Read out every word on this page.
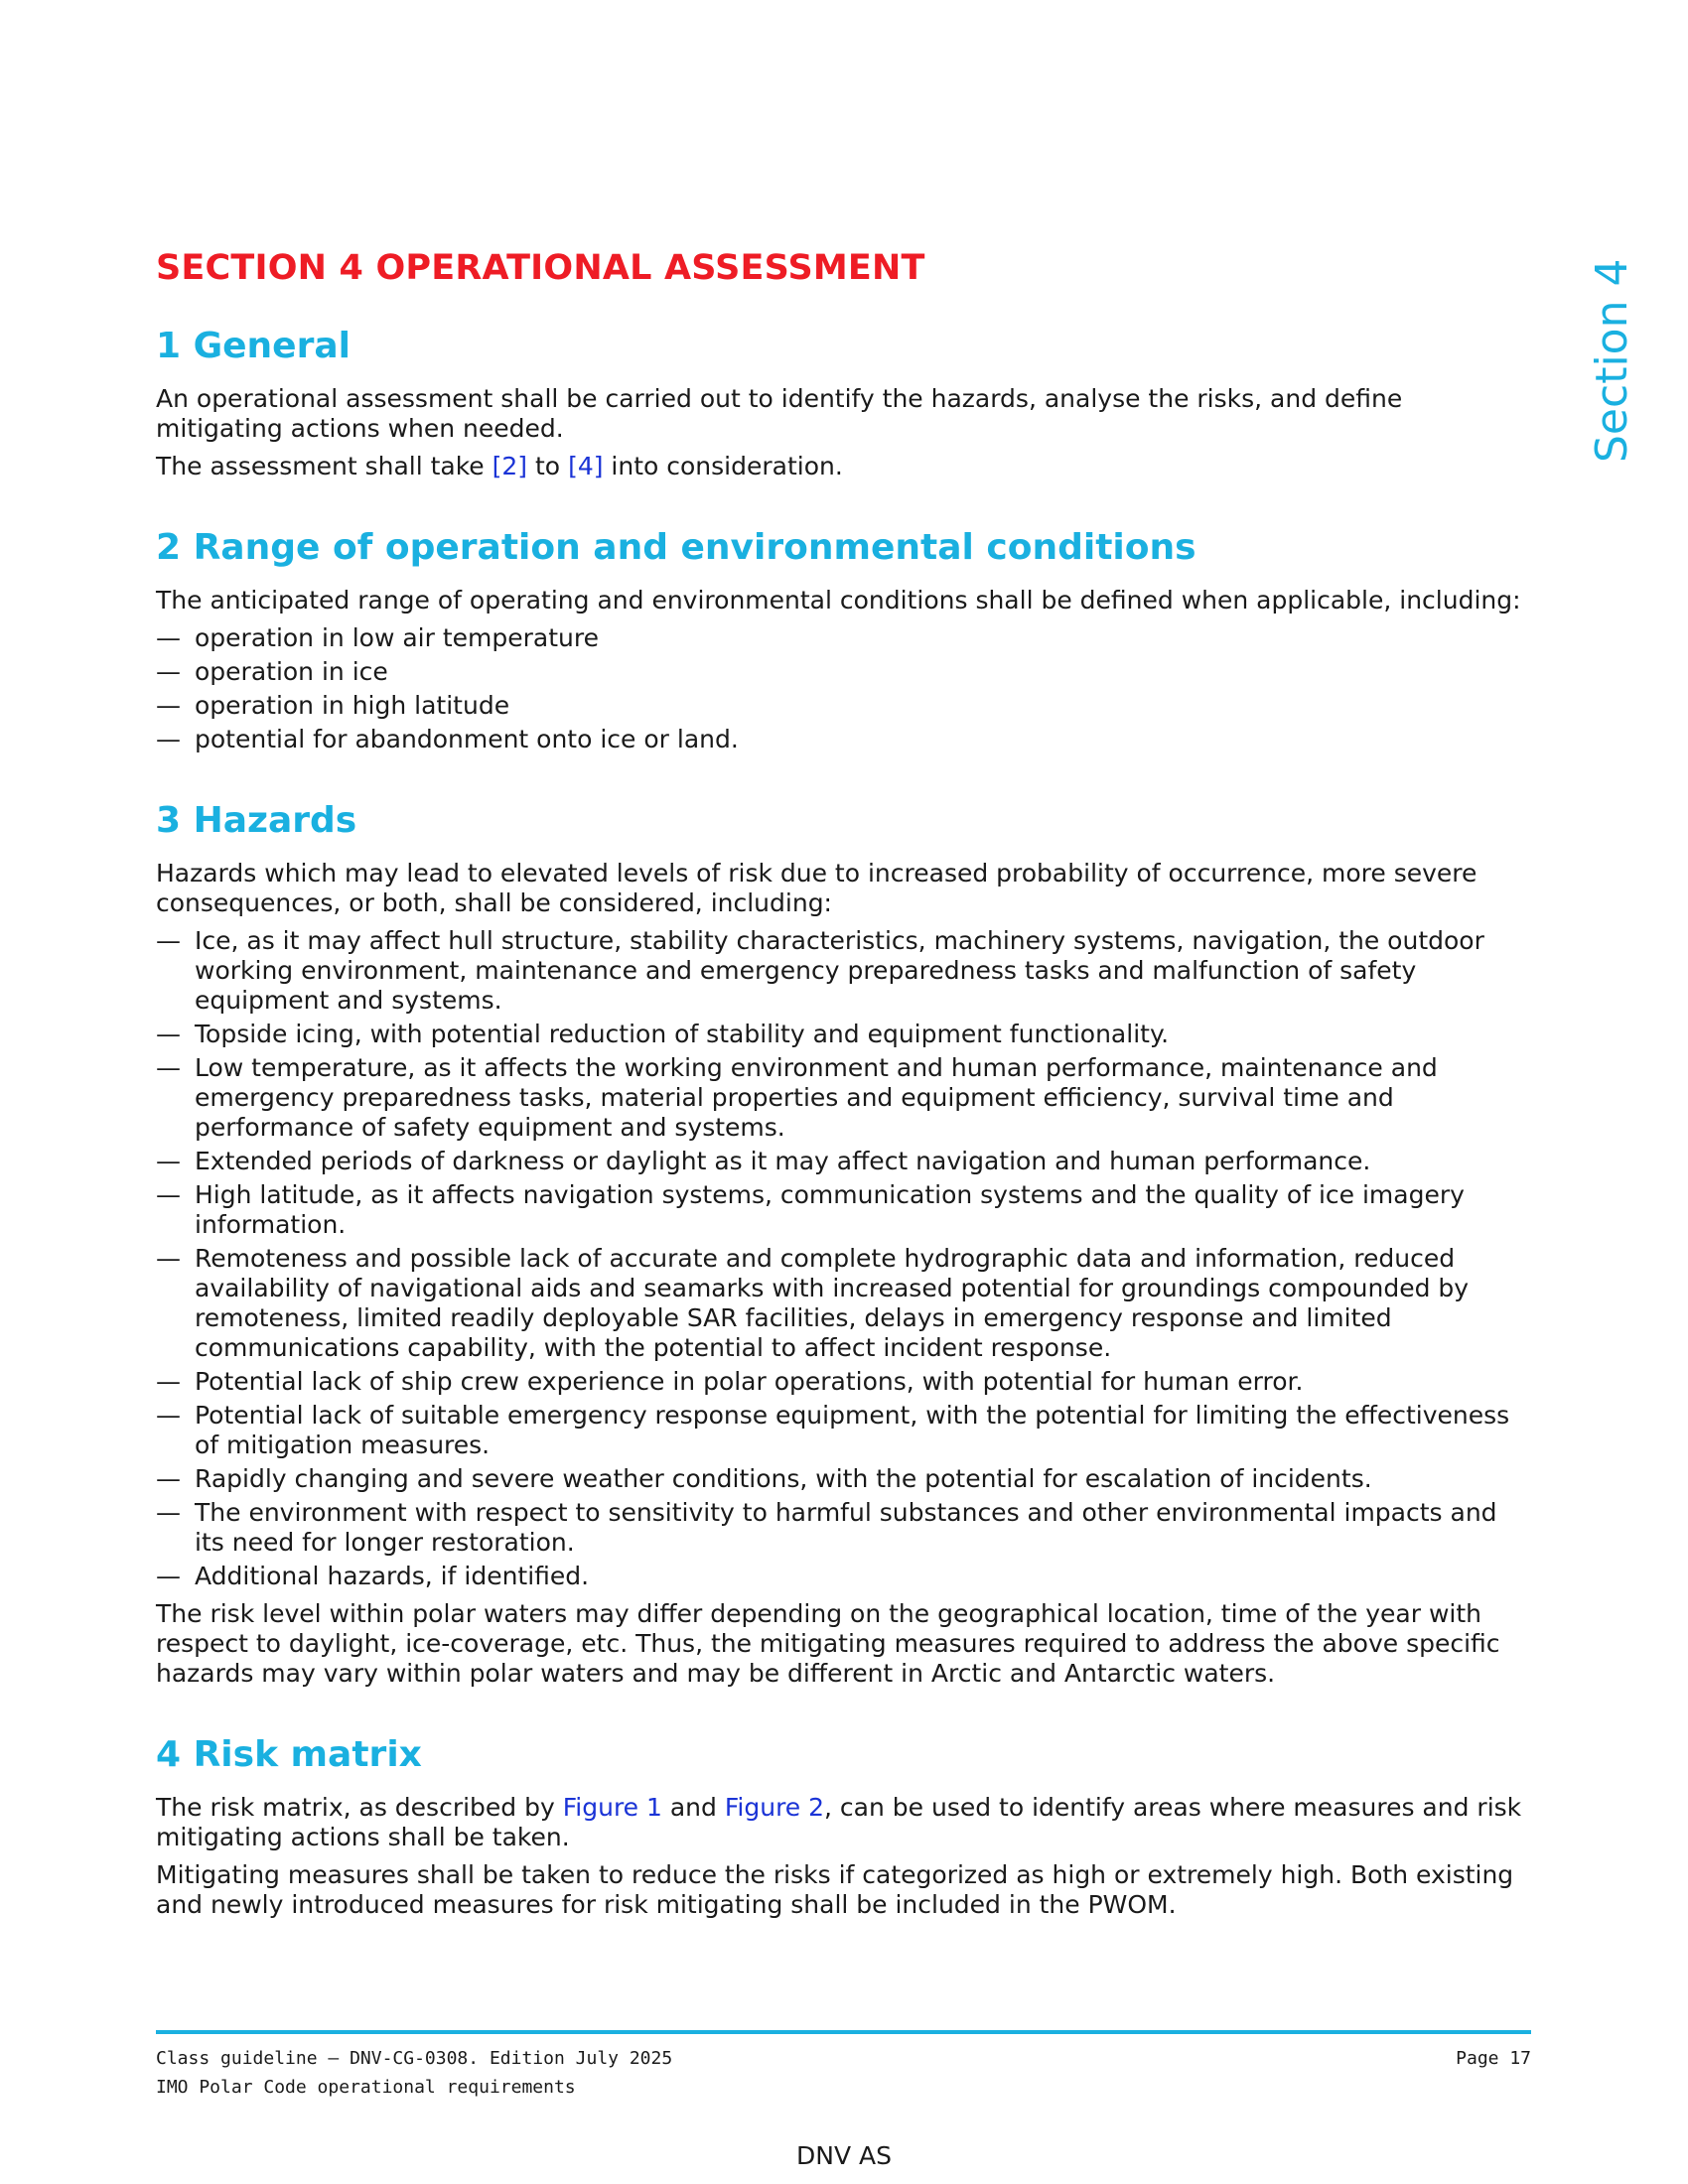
Section 4
SECTION 4 OPERATIONAL ASSESSMENT
1 General

An operational assessment shall be carried out to identify the hazards, analyse the risks, and define mitigating actions when needed.

The assessment shall take [2] to [4] into consideration.

2 Range of operation and environmental conditions

The anticipated range of operating and environmental conditions shall be defined when applicable, including:

— operation in low air temperature
— operation in ice
— operation in high latitude
— potential for abandonment onto ice or land.
3 Hazards

Hazards which may lead to elevated levels of risk due to increased probability of occurrence, more severe consequences, or both, shall be considered, including:

— Ice, as it may affect hull structure, stability characteristics, machinery systems, navigation, the outdoor working environment, maintenance and emergency preparedness tasks and malfunction of safety equipment and systems.
— Topside icing, with potential reduction of stability and equipment functionality.
— Low temperature, as it affects the working environment and human performance, maintenance and emergency preparedness tasks, material properties and equipment efficiency, survival time and performance of safety equipment and systems.
— Extended periods of darkness or daylight as it may affect navigation and human performance.
— High latitude, as it affects navigation systems, communication systems and the quality of ice imagery information.
— Remoteness and possible lack of accurate and complete hydrographic data and information, reduced availability of navigational aids and seamarks with increased potential for groundings compounded by remoteness, limited readily deployable SAR facilities, delays in emergency response and limited communications capability, with the potential to affect incident response.
— Potential lack of ship crew experience in polar operations, with potential for human error.
— Potential lack of suitable emergency response equipment, with the potential for limiting the effectiveness of mitigation measures.
— Rapidly changing and severe weather conditions, with the potential for escalation of incidents.
— The environment with respect to sensitivity to harmful substances and other environmental impacts and its need for longer restoration.
— Additional hazards, if identified.

The risk level within polar waters may differ depending on the geographical location, time of the year with respect to daylight, ice-coverage, etc. Thus, the mitigating measures required to address the above specific hazards may vary within polar waters and may be different in Arctic and Antarctic waters.

4 Risk matrix

The risk matrix, as described by Figure 1 and Figure 2, can be used to identify areas where measures and risk mitigating actions shall be taken.

Mitigating measures shall be taken to reduce the risks if categorized as high or extremely high. Both existing and newly introduced measures for risk mitigating shall be included in the PWOM.

Class guideline — DNV-CG-0308. Edition July 2025	Page 17
IMO Polar Code operational requirements
DNV AS
